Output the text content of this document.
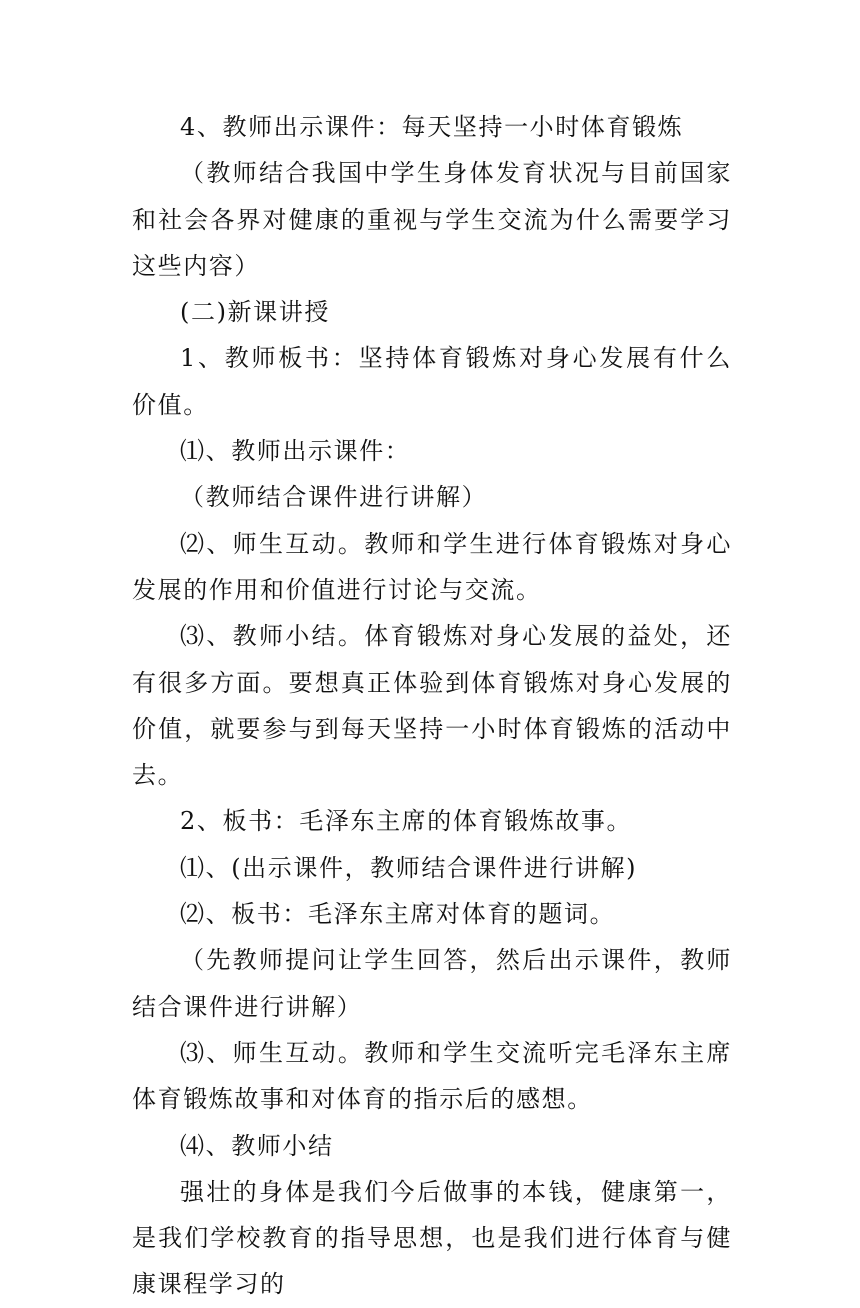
4、教师出示课件：每天坚持一小时体育锻炼

（教师结合我国中学生身体发育状况与目前国家和社会各界对健康的重视与学生交流为什么需要学习这些内容）

(二)新课讲授

1、教师板书：坚持体育锻炼对身心发展有什么价值。

⑴、教师出示课件：

（教师结合课件进行讲解）

⑵、师生互动。教师和学生进行体育锻炼对身心发展的作用和价值进行讨论与交流。

⑶、教师小结。体育锻炼对身心发展的益处，还有很多方面。要想真正体验到体育锻炼对身心发展的价值，就要参与到每天坚持一小时体育锻炼的活动中去。

2、板书：毛泽东主席的体育锻炼故事。

⑴、(出示课件，教师结合课件进行讲解)

⑵、板书：毛泽东主席对体育的题词。

（先教师提问让学生回答，然后出示课件，教师结合课件进行讲解）

⑶、师生互动。教师和学生交流听完毛泽东主席体育锻炼故事和对体育的指示后的感想。

⑷、教师小结

强壮的身体是我们今后做事的本钱，健康第一，是我们学校教育的指导思想，也是我们进行体育与健康课程学习的
